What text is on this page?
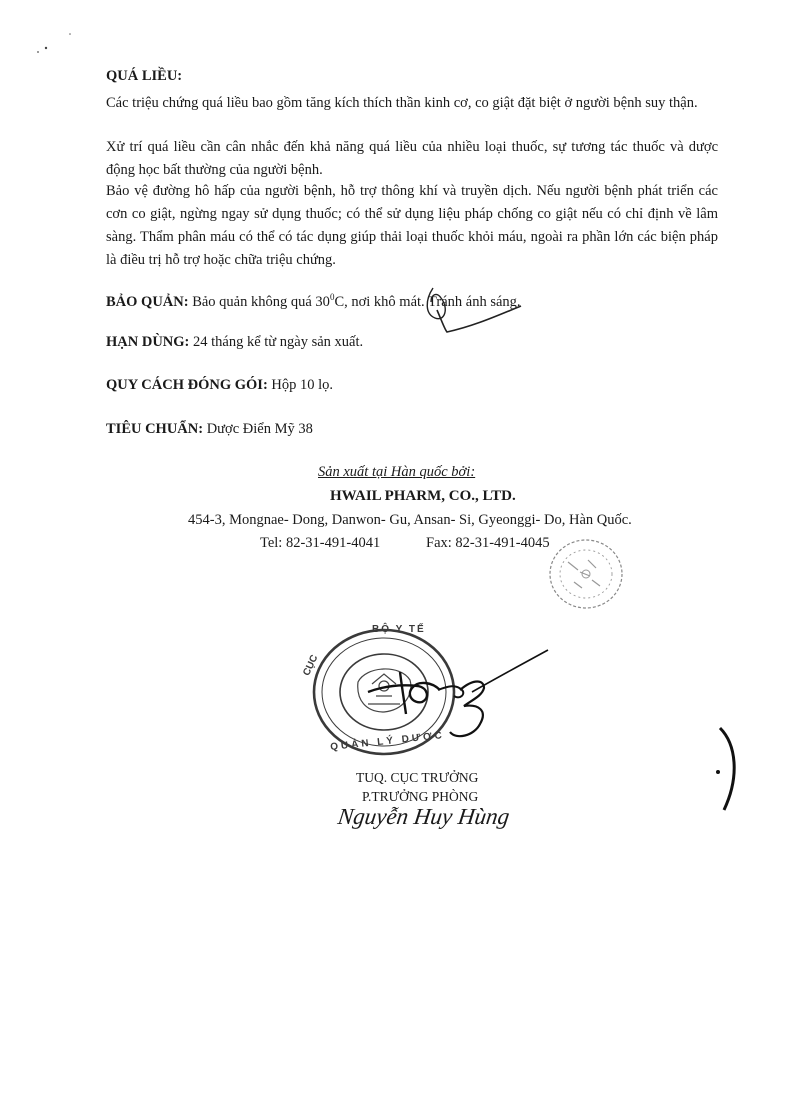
QUÁ LIỀU:

Các triệu chứng quá liều bao gồm tăng kích thích thần kinh cơ, co giật đặt biệt ở người bệnh suy thận.

Xử trí quá liều cần cân nhắc đến khả năng quá liều của nhiều loại thuốc, sự tương tác thuốc và dược động học bất thường của người bệnh.

Bảo vệ đường hô hấp của người bệnh, hỗ trợ thông khí và truyền dịch. Nếu người bệnh phát triển các cơn co giật, ngừng ngay sử dụng thuốc; có thể sử dụng liệu pháp chống co giật nếu có chỉ định về lâm sàng. Thẩm phân máu có thể có tác dụng giúp thải loại thuốc khỏi máu, ngoài ra phần lớn các biện pháp là điều trị hỗ trợ hoặc chữa triệu chứng.

BẢO QUẢN: Bảo quản không quá $30^0C$, nơi khô mát. Tránh ánh sáng.

HẠN DÙNG: 24 tháng kể từ ngày sản xuất.

QUY CÁCH ĐÓNG GÓI: Hộp 10 lọ.

TIÊU CHUẨN: Dược Điển Mỹ 38

Sản xuất tại Hàn quốc bởi:
HWAIL PHARM, CO., LTD.
454-3, Mongnae- Dong, Danwon- Gu, Ansan- Si, Gyeonggi- Do, Hàn Quốc.
Tel: 82-31-491-4041	Fax: 82-31-491-4045
BỘ Y TẾ
CỤC
QUẢN LÝ DƯỢC
TUQ. CỤC TRƯỞNG
P.TRƯỞNG PHÒNG
Nguyễn Huy Hùng
